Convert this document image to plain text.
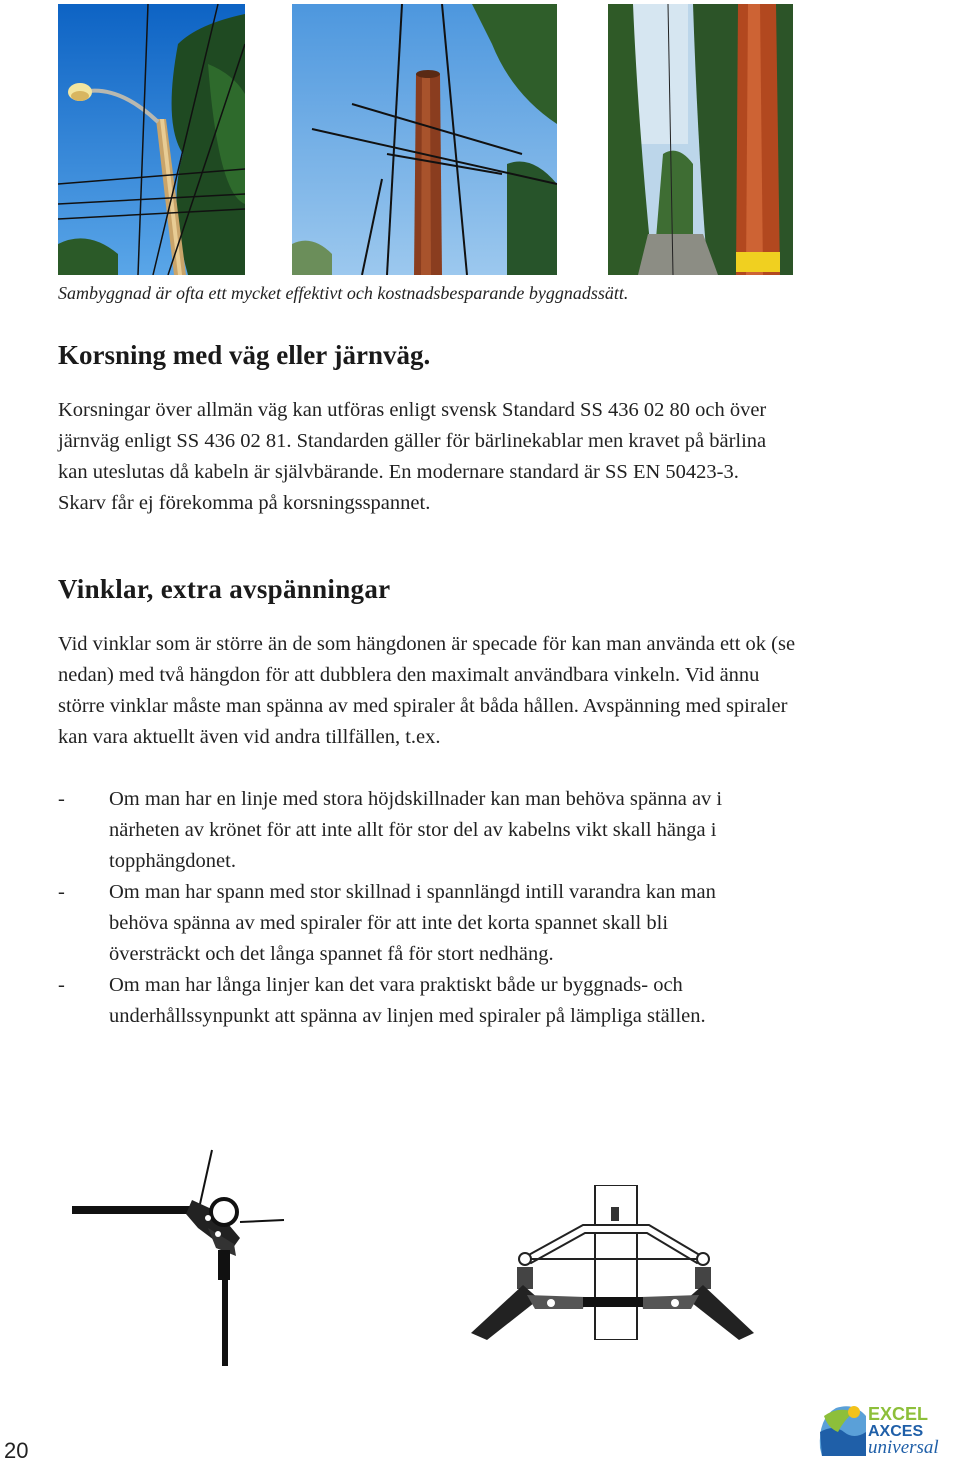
Sambyggnad är ofta ett mycket effektivt och kostnadsbesparande byggnadssätt.
Korsning med väg eller järnväg.
Korsningar över allmän väg kan utföras enligt svensk Standard SS 436 02 80 och över järnväg enligt SS 436 02 81. Standarden gäller för bärlinekablar men kravet på bärlina kan uteslutas då kabeln är självbärande. En modernare standard är SS EN 50423-3.
Skarv får ej förekomma på korsningsspannet.
Vinklar, extra avspänningar

Vid vinklar som är större än de som hängdonen är specade för kan man använda ett ok (se nedan) med två hängdon för att dubblera den maximalt användbara vinkeln. Vid ännu större vinklar måste man spänna av med spiraler åt båda hållen. Avspänning med spiraler kan vara aktuellt även vid andra tillfällen, t.ex.

- Om man har en linje med stora höjdskillnader kan man behöva spänna av i närheten av krönet för att inte allt för stor del av kabelns vikt skall hänga i topphängdonet.
- Om man har spann med stor skillnad i spannlängd intill varandra kan man behöva spänna av med spiraler för att inte det korta spannet skall bli översträckt och det långa spannet få för stort nedhäng.
- Om man har långa linjer kan det vara praktiskt både ur byggnads- och underhållssynpunkt att spänna av linjen med spiraler på lämpliga ställen.
20
EXCEL
AXCES
universal
